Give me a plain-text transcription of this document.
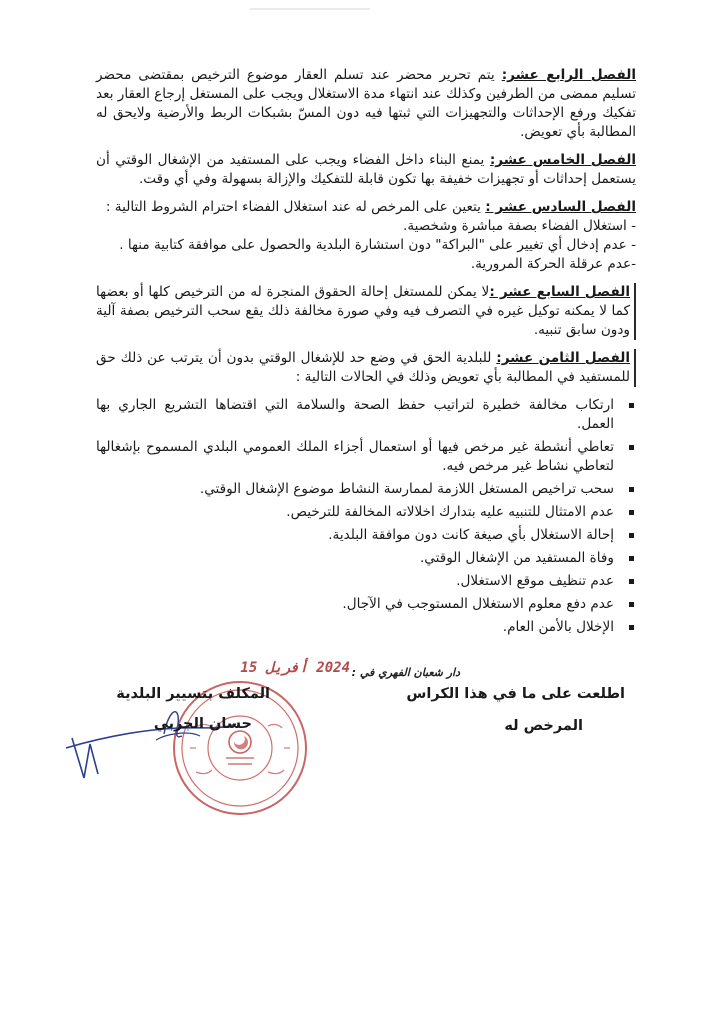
الفصل الرابع عشر: يتم تحرير محضر عند تسلم العقار موضوع الترخيص بمقتضى محضر تسليم ممضى من الطرفين وكذلك عند انتهاء مدة الاستغلال ويجب على المستغل إرجاع العقار بعد تفكيك ورفع الإحداثات والتجهيزات التي ثبتها فيه دون المسّ بشبكات الربط والأرضية ولايحق له المطالبة بأي تعويض.

الفصل الخامس عشر: يمنع البناء داخل الفضاء ويجب على المستفيد من الإشغال الوقتي أن يستعمل إحداثات أو تجهيزات خفيفة بها تكون قابلة للتفكيك والإزالة بسهولة وفي أي وقت.

الفصل السادس عشر : يتعين على المرخص له عند استغلال الفضاء احترام الشروط التالية :
- استغلال الفضاء بصفة مباشرة وشخصية.
- عدم إدخال أي تغيير على "البراكة" دون استشارة البلدية والحصول على موافقة كتابية منها .
-عدم عرقلة الحركة المرورية.

الفصل السابع عشر :لا يمكن للمستغل إحالة الحقوق المنجرة له من الترخيص كلها أو بعضها كما لا يمكنه توكيل غيره في التصرف فيه وفي صورة مخالفة ذلك يقع سحب الترخيص بصفة آلية ودون سابق تنبيه.

الفصل الثامن عشر: للبلدية الحق في وضع حد للإشغال الوقتي بدون أن يترتب عن ذلك حق للمستفيد في المطالبة بأي تعويض وذلك في الحالات التالية :
ارتكاب مخالفة خطيرة لتراتيب حفظ الصحة والسلامة التي اقتضاها التشريع الجاري بها العمل.
تعاطي أنشطة غير مرخص فيها أو استعمال أجزاء الملك العمومي البلدي المسموح بإشغالها لتعاطي نشاط غير مرخص فيه.
سحب تراخيص المستغل اللازمة لممارسة النشاط موضوع الإشغال الوقتي.
عدم الامتثال للتنبيه عليه بتدارك اخلالاته المخالفة للترخيص.
إحالة الاستغلال بأي صيغة كانت دون موافقة البلدية.
وفاة المستفيد من الإشغال الوقتي.
عدم تنظيف موقع الاستغلال.
عدم دفع معلوم الاستغلال المستوجب في الآجال.
الإخلال بالأمن العام.
دار شعبان الفهري في :
2024 أفريل 15
اطلعت على ما في هذا الكراس
المرخص له
المكلف بتسيير البلدية
حسان الجربي
